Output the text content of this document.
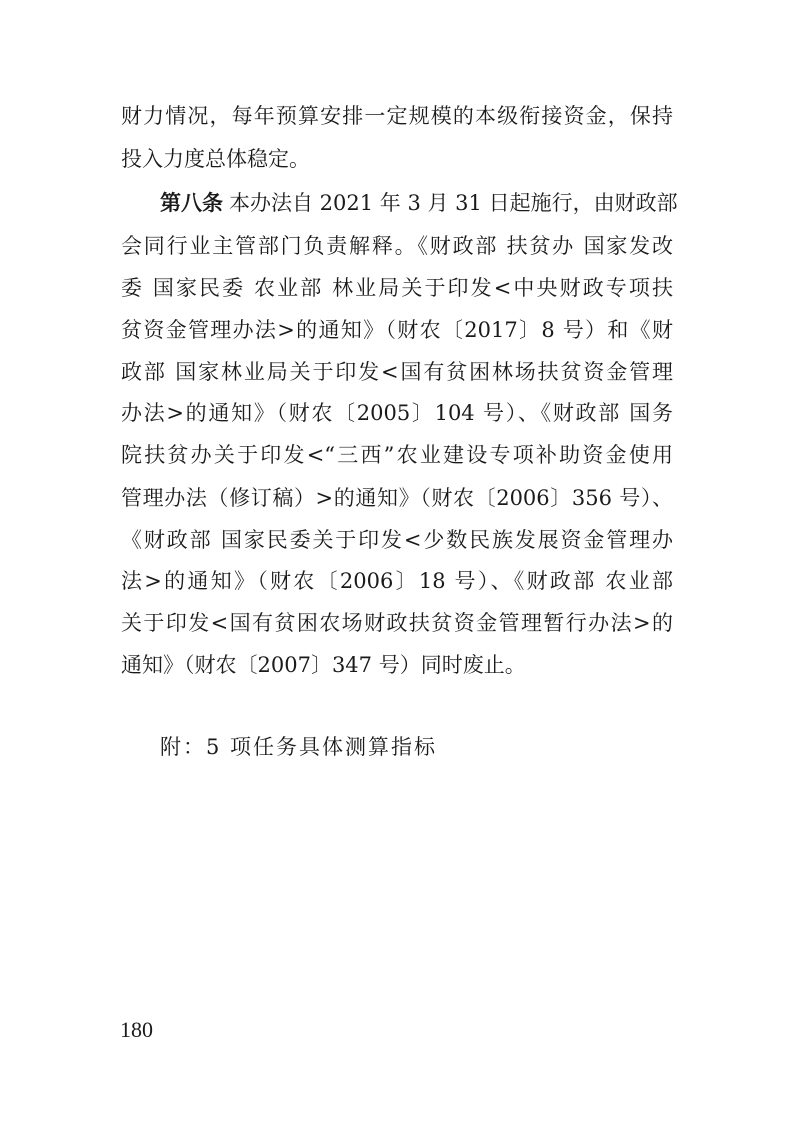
财力情况，每年预算安排一定规模的本级衔接资金，保持
投入力度总体稳定。
第八条 本办法自 2021 年 3 月 31 日起施行，由财政部
会同行业主管部门负责解释。《财政部 扶贫办 国家发改
委 国家民委 农业部 林业局关于印发<中央财政专项扶
贫资金管理办法>的通知》（财农〔2017〕8 号）和《财
政部 国家林业局关于印发<国有贫困林场扶贫资金管理
办法>的通知》（财农〔2005〕104 号）、《财政部 国务
院扶贫办关于印发<“三西”农业建设专项补助资金使用
管理办法（修订稿）>的通知》（财农〔2006〕356 号）、
《财政部 国家民委关于印发<少数民族发展资金管理办
法>的通知》（财农〔2006〕18 号）、《财政部 农业部
关于印发<国有贫困农场财政扶贫资金管理暂行办法>的
通知》（财农〔2007〕347 号）同时废止。
附：5 项任务具体测算指标
180
